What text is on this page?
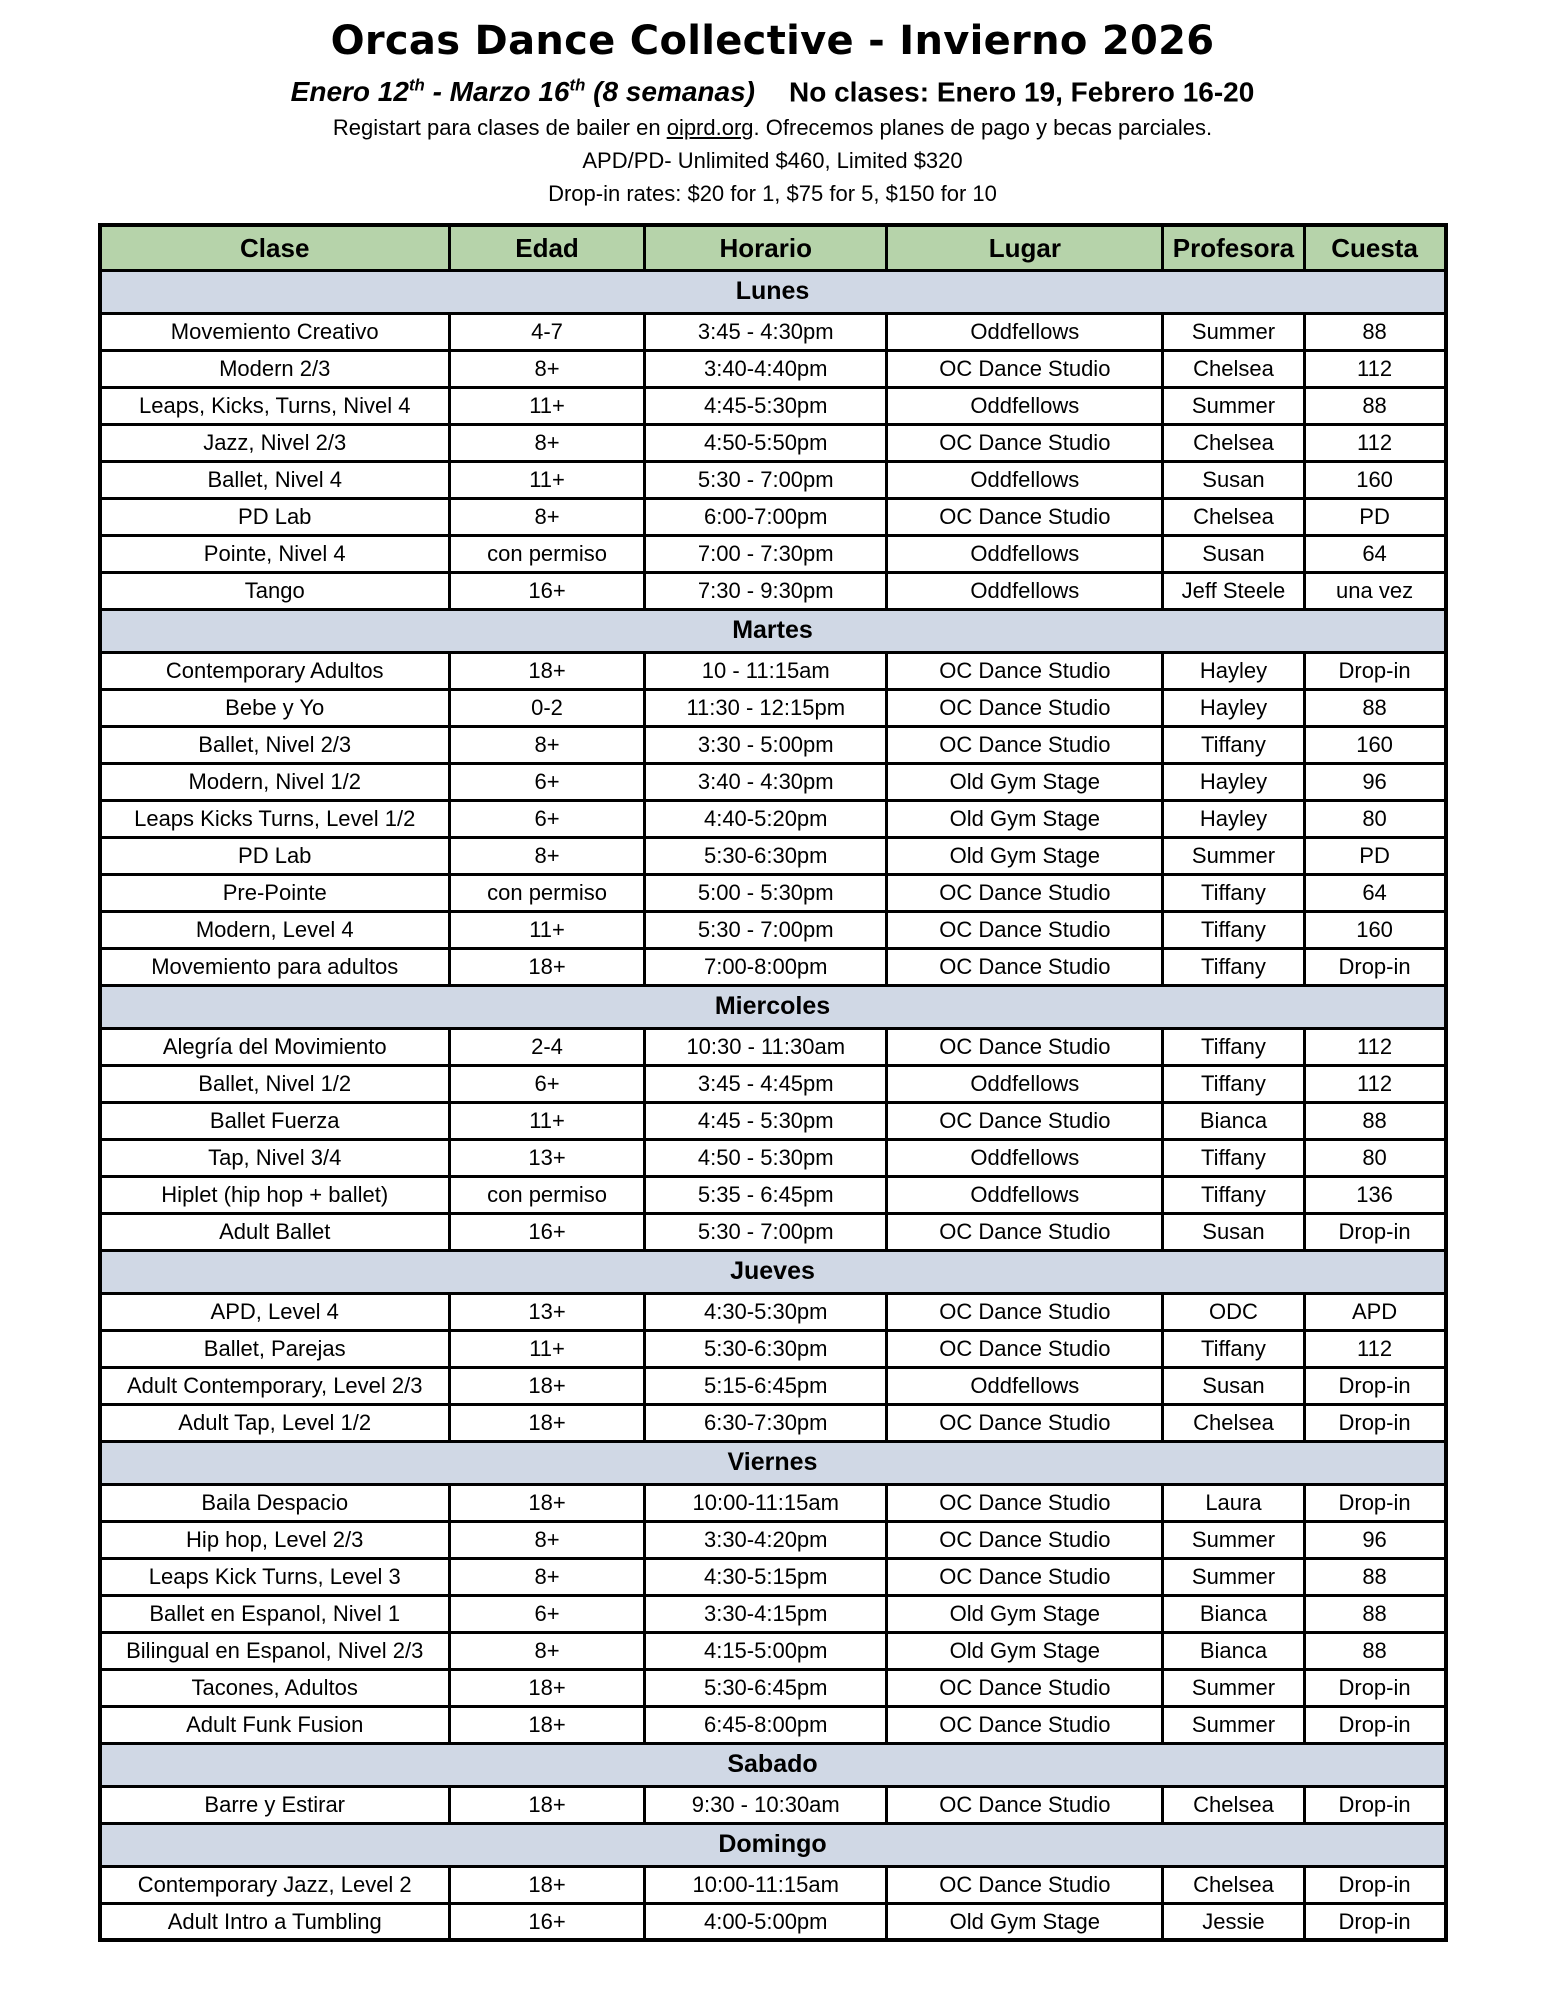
Orcas Dance Collective - Invierno 2026
Enero 12th - Marzo 16th (8 semanas) No clases: Enero 19, Febrero 16-20
Registart para clases de bailer en oiprd.org. Ofrecemos planes de pago y becas parciales.
APD/PD- Unlimited $460, Limited $320
Drop-in rates: $20 for 1, $75 for 5, $150 for 10
Clase	Edad	Horario	Lugar	Profesora	Cuesta
Lunes					
Movemiento Creativo	4-7	3:45 - 4:30pm	Oddfellows	Summer	88
Modern 2/3	8+	3:40-4:40pm	OC Dance Studio	Chelsea	112
Leaps, Kicks, Turns, Nivel 4	11+	4:45-5:30pm	Oddfellows	Summer	88
Jazz, Nivel 2/3	8+	4:50-5:50pm	OC Dance Studio	Chelsea	112
Ballet, Nivel 4	11+	5:30 - 7:00pm	Oddfellows	Susan	160
PD Lab	8+	6:00-7:00pm	OC Dance Studio	Chelsea	PD
Pointe, Nivel 4	con permiso	7:00 - 7:30pm	Oddfellows	Susan	64
Tango	16+	7:30 - 9:30pm	Oddfellows	Jeff Steele	una vez
Martes					
Contemporary Adultos	18+	10 - 11:15am	OC Dance Studio	Hayley	Drop-in
Bebe y Yo	0-2	11:30 - 12:15pm	OC Dance Studio	Hayley	88
Ballet, Nivel 2/3	8+	3:30 - 5:00pm	OC Dance Studio	Tiffany	160
Modern, Nivel 1/2	6+	3:40 - 4:30pm	Old Gym Stage	Hayley	96
Leaps Kicks Turns, Level 1/2	6+	4:40-5:20pm	Old Gym Stage	Hayley	80
PD Lab	8+	5:30-6:30pm	Old Gym Stage	Summer	PD
Pre-Pointe	con permiso	5:00 - 5:30pm	OC Dance Studio	Tiffany	64
Modern, Level 4	11+	5:30 - 7:00pm	OC Dance Studio	Tiffany	160
Movemiento para adultos	18+	7:00-8:00pm	OC Dance Studio	Tiffany	Drop-in
Miercoles					
Alegría del Movimiento	2-4	10:30 - 11:30am	OC Dance Studio	Tiffany	112
Ballet, Nivel 1/2	6+	3:45 - 4:45pm	Oddfellows	Tiffany	112
Ballet Fuerza	11+	4:45 - 5:30pm	OC Dance Studio	Bianca	88
Tap, Nivel 3/4	13+	4:50 - 5:30pm	Oddfellows	Tiffany	80
Hiplet (hip hop + ballet)	con permiso	5:35 - 6:45pm	Oddfellows	Tiffany	136
Adult Ballet	16+	5:30 - 7:00pm	OC Dance Studio	Susan	Drop-in
Jueves					
APD, Level 4	13+	4:30-5:30pm	OC Dance Studio	ODC	APD
Ballet, Parejas	11+	5:30-6:30pm	OC Dance Studio	Tiffany	112
Adult Contemporary, Level 2/3	18+	5:15-6:45pm	Oddfellows	Susan	Drop-in
Adult Tap, Level 1/2	18+	6:30-7:30pm	OC Dance Studio	Chelsea	Drop-in
Viernes					
Baila Despacio	18+	10:00-11:15am	OC Dance Studio	Laura	Drop-in
Hip hop, Level 2/3	8+	3:30-4:20pm	OC Dance Studio	Summer	96
Leaps Kick Turns, Level 3	8+	4:30-5:15pm	OC Dance Studio	Summer	88
Ballet en Espanol, Nivel 1	6+	3:30-4:15pm	Old Gym Stage	Bianca	88
Bilingual en Espanol, Nivel 2/3	8+	4:15-5:00pm	Old Gym Stage	Bianca	88
Tacones, Adultos	18+	5:30-6:45pm	OC Dance Studio	Summer	Drop-in
Adult Funk Fusion	18+	6:45-8:00pm	OC Dance Studio	Summer	Drop-in
Sabado					
Barre y Estirar	18+	9:30 - 10:30am	OC Dance Studio	Chelsea	Drop-in
Domingo					
Contemporary Jazz, Level 2	18+	10:00-11:15am	OC Dance Studio	Chelsea	Drop-in
Adult Intro a Tumbling	16+	4:00-5:00pm	Old Gym Stage	Jessie	Drop-in
